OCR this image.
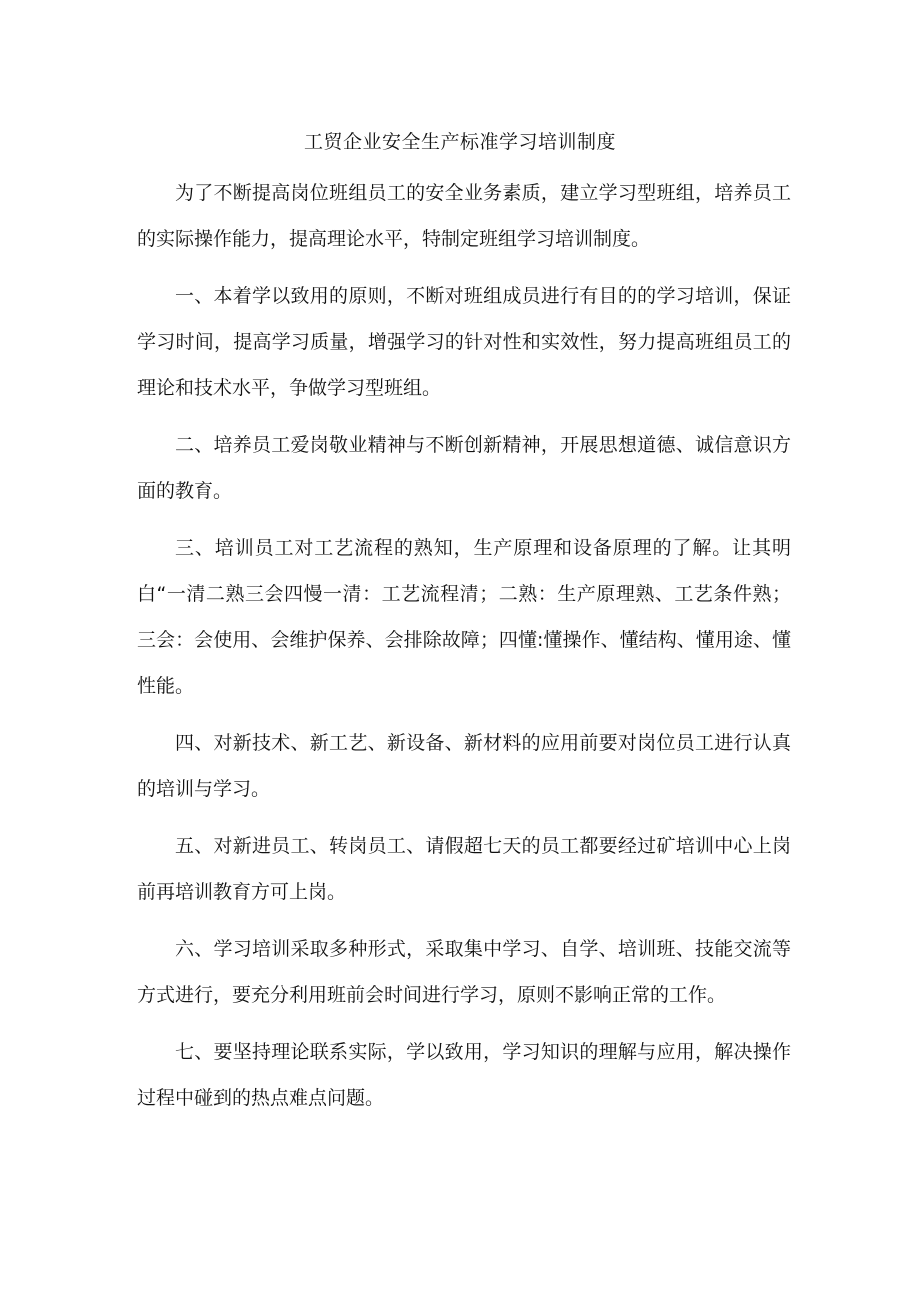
工贸企业安全生产标准学习培训制度

为了不断提高岗位班组员工的安全业务素质，建立学习型班组，培养员工的实际操作能力，提高理论水平，特制定班组学习培训制度。

一、本着学以致用的原则，不断对班组成员进行有目的的学习培训，保证学习时间，提高学习质量，增强学习的针对性和实效性，努力提高班组员工的理论和技术水平，争做学习型班组。

二、培养员工爱岗敬业精神与不断创新精神，开展思想道德、诚信意识方面的教育。

三、培训员工对工艺流程的熟知，生产原理和设备原理的了解。让其明白“一清二熟三会四慢一清：工艺流程清；二熟：生产原理熟、工艺条件熟；三会：会使用、会维护保养、会排除故障；四懂:懂操作、懂结构、懂用途、懂性能。

四、对新技术、新工艺、新设备、新材料的应用前要对岗位员工进行认真的培训与学习。

五、对新进员工、转岗员工、请假超七天的员工都要经过矿培训中心上岗前再培训教育方可上岗。

六、学习培训采取多种形式，采取集中学习、自学、培训班、技能交流等方式进行，要充分利用班前会时间进行学习，原则不影响正常的工作。

七、要坚持理论联系实际，学以致用，学习知识的理解与应用，解决操作过程中碰到的热点难点问题。
